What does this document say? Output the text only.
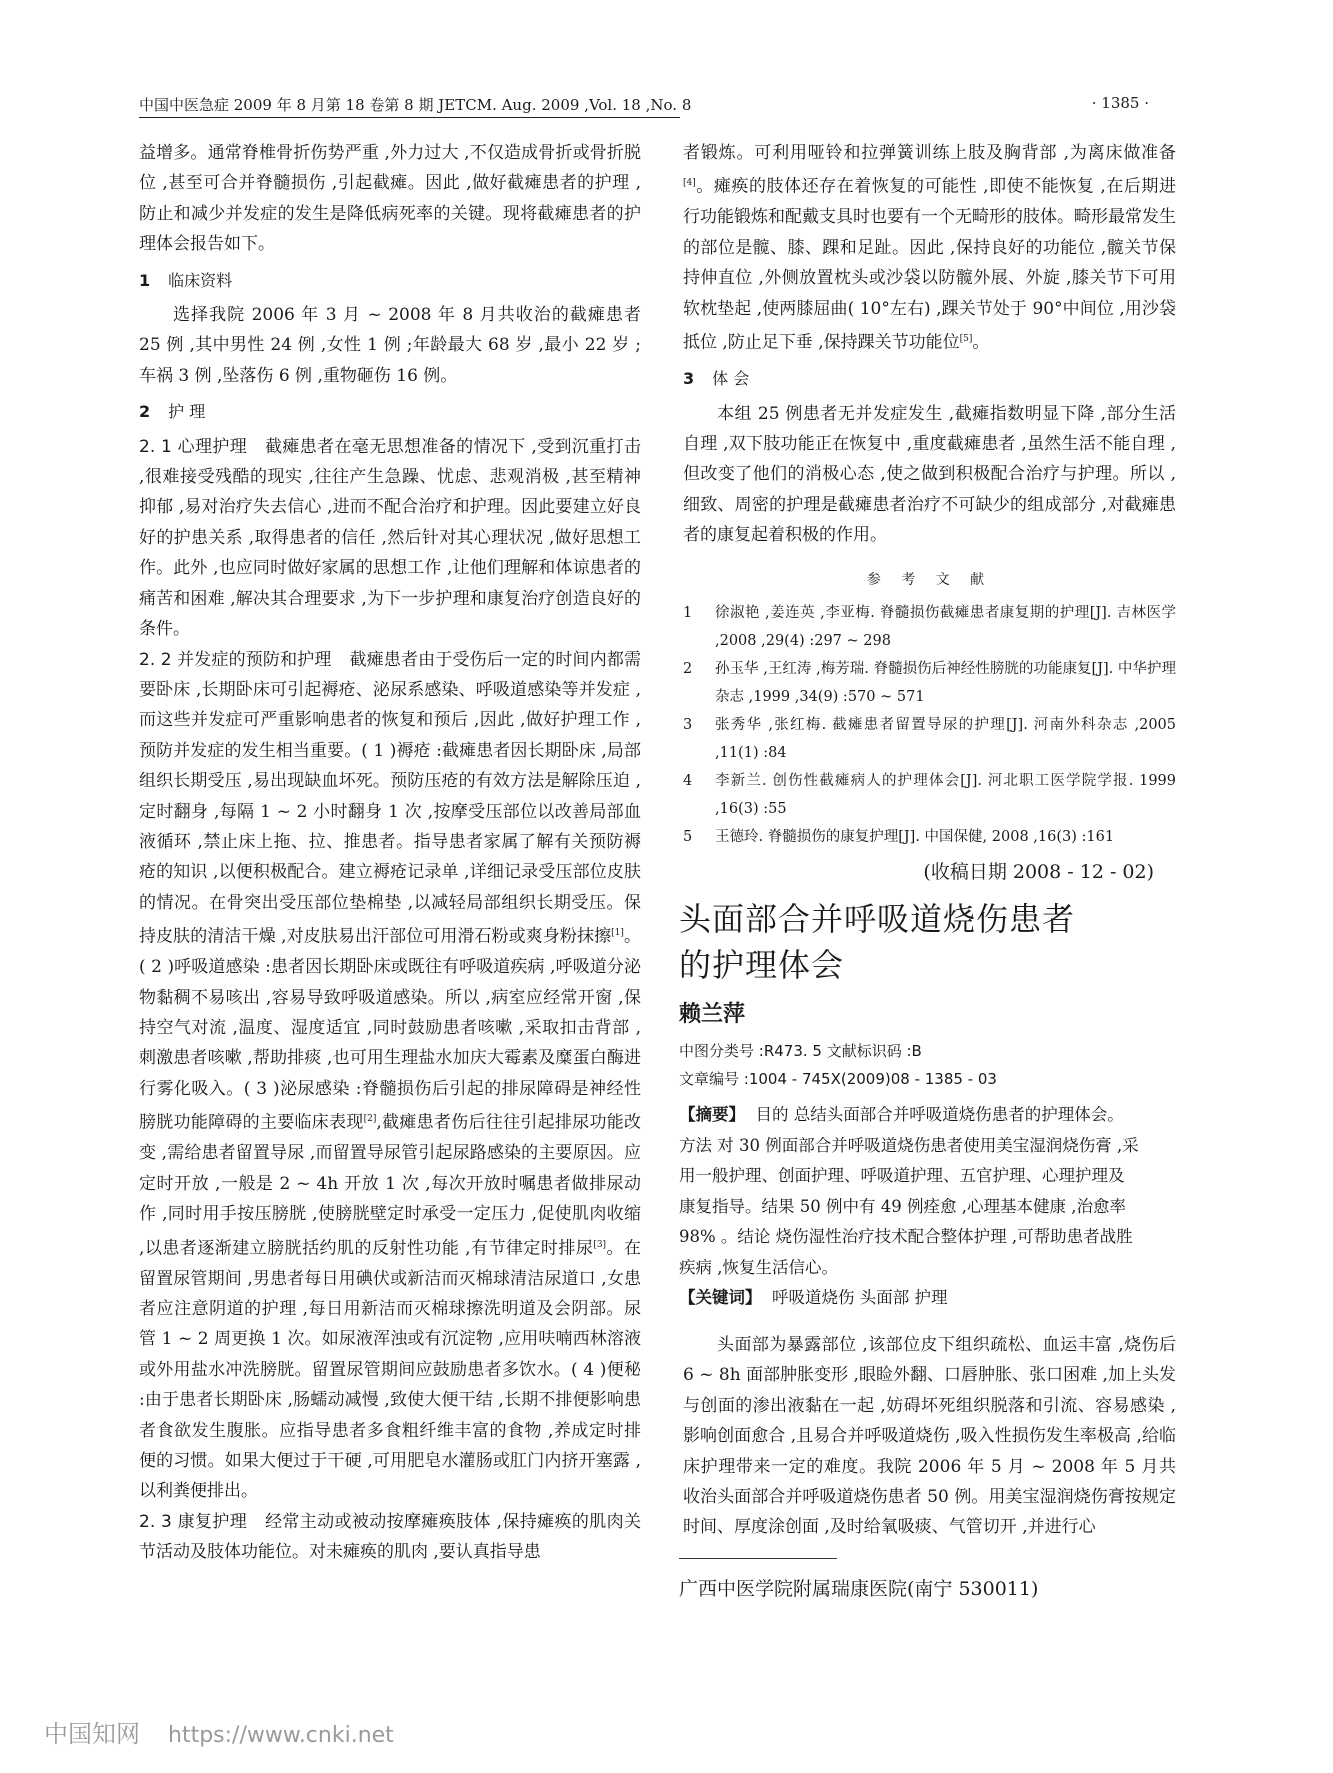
中国中医急症 2009 年 8 月第 18 卷第 8 期 JETCM. Aug. 2009 ,Vol. 18 ,No. 8	· 1385 ·

益增多。通常脊椎骨折伤势严重 ,外力过大 ,不仅造成骨折或骨折脱位 ,甚至可合并脊髓损伤 ,引起截瘫。因此 ,做好截瘫患者的护理 ,防止和减少并发症的发生是降低病死率的关键。现将截瘫患者的护理体会报告如下。

1 临床资料

选择我院 2006 年 3 月 ~ 2008 年 8 月共收治的截瘫患者 25 例 ,其中男性 24 例 ,女性 1 例 ;年龄最大 68 岁 ,最小 22 岁 ;车祸 3 例 ,坠落伤 6 例 ,重物砸伤 16 例。

2 护 理

2. 1 心理护理 截瘫患者在毫无思想准备的情况下 ,受到沉重打击 ,很难接受残酷的现实 ,往往产生急躁、忧虑、悲观消极 ,甚至精神抑郁 ,易对治疗失去信心 ,进而不配合治疗和护理。因此要建立好良好的护患关系 ,取得患者的信任 ,然后针对其心理状况 ,做好思想工作。此外 ,也应同时做好家属的思想工作 ,让他们理解和体谅患者的痛苦和困难 ,解决其合理要求 ,为下一步护理和康复治疗创造良好的条件。

2. 2 并发症的预防和护理 截瘫患者由于受伤后一定的时间内都需要卧床 ,长期卧床可引起褥疮、泌尿系感染、呼吸道感染等并发症 ,而这些并发症可严重影响患者的恢复和预后 ,因此 ,做好护理工作 ,预防并发症的发生相当重要。( 1 )褥疮 :截瘫患者因长期卧床 ,局部组织长期受压 ,易出现缺血坏死。预防压疮的有效方法是解除压迫 ,定时翻身 ,每隔 1 ~ 2 小时翻身 1 次 ,按摩受压部位以改善局部血液循环 ,禁止床上拖、拉、推患者。指导患者家属了解有关预防褥疮的知识 ,以便积极配合。建立褥疮记录单 ,详细记录受压部位皮肤的情况。在骨突出受压部位垫棉垫 ,以减轻局部组织长期受压。保持皮肤的清洁干燥 ,对皮肤易出汗部位可用滑石粉或爽身粉抹擦[1]。( 2 )呼吸道感染 :患者因长期卧床或既往有呼吸道疾病 ,呼吸道分泌物黏稠不易咳出 ,容易导致呼吸道感染。所以 ,病室应经常开窗 ,保持空气对流 ,温度、湿度适宜 ,同时鼓励患者咳嗽 ,采取扣击背部 ,刺激患者咳嗽 ,帮助排痰 ,也可用生理盐水加庆大霉素及糜蛋白酶进行雾化吸入。( 3 )泌尿感染 :脊髓损伤后引起的排尿障碍是神经性膀胱功能障碍的主要临床表现[2],截瘫患者伤后往往引起排尿功能改变 ,需给患者留置导尿 ,而留置导尿管引起尿路感染的主要原因。应定时开放 ,一般是 2 ~ 4h 开放 1 次 ,每次开放时嘱患者做排尿动作 ,同时用手按压膀胱 ,使膀胱壁定时承受一定压力 ,促使肌肉收缩 ,以患者逐渐建立膀胱括约肌的反射性功能 ,有节律定时排尿[3]。在留置尿管期间 ,男患者每日用碘伏或新洁而灭棉球清洁尿道口 ,女患者应注意阴道的护理 ,每日用新洁而灭棉球擦洗明道及会阴部。尿管 1 ~ 2 周更换 1 次。如尿液浑浊或有沉淀物 ,应用呋喃西林溶液或外用盐水冲洗膀胱。留置尿管期间应鼓励患者多饮水。( 4 )便秘 :由于患者长期卧床 ,肠蠕动减慢 ,致使大便干结 ,长期不排便影响患者食欲发生腹胀。应指导患者多食粗纤维丰富的食物 ,养成定时排便的习惯。如果大便过于干硬 ,可用肥皂水灌肠或肛门内挤开塞露 ,以利粪便排出。

2. 3 康复护理 经常主动或被动按摩瘫痪肢体 ,保持瘫痪的肌肉关节活动及肢体功能位。对未瘫痪的肌肉 ,要认真指导患

者锻炼。可利用哑铃和拉弹簧训练上肢及胸背部 ,为离床做准备[4]。瘫痪的肢体还存在着恢复的可能性 ,即使不能恢复 ,在后期进行功能锻炼和配戴支具时也要有一个无畸形的肢体。畸形最常发生的部位是髋、膝、踝和足趾。因此 ,保持良好的功能位 ,髋关节保持伸直位 ,外侧放置枕头或沙袋以防髋外展、外旋 ,膝关节下可用软枕垫起 ,使两膝屈曲( 10°左右) ,踝关节处于 90°中间位 ,用沙袋抵位 ,防止足下垂 ,保持踝关节功能位[5]。

3 体 会

本组 25 例患者无并发症发生 ,截瘫指数明显下降 ,部分生活自理 ,双下肢功能正在恢复中 ,重度截瘫患者 ,虽然生活不能自理 ,但改变了他们的消极心态 ,使之做到积极配合治疗与护理。所以 ,细致、周密的护理是截瘫患者治疗不可缺少的组成部分 ,对截瘫患者的康复起着积极的作用。

参 考 文 献
1 徐淑艳 ,姜连英 ,李亚梅. 脊髓损伤截瘫患者康复期的护理[J]. 吉林医学 ,2008 ,29(4) :297 ~ 298
2 孙玉华 ,王红涛 ,梅芳瑞. 脊髓损伤后神经性膀胱的功能康复[J]. 中华护理杂志 ,1999 ,34(9) :570 ~ 571
3 张秀华 ,张红梅. 截瘫患者留置导尿的护理[J]. 河南外科杂志 ,2005 ,11(1) :84
4 李新兰. 创伤性截瘫病人的护理体会[J]. 河北职工医学院学报. 1999 ,16(3) :55
5 王德玲. 脊髓损伤的康复护理[J]. 中国保健, 2008 ,16(3) :161
(收稿日期 2008 - 12 - 02)
头面部合并呼吸道烧伤患者
的护理体会
赖兰萍
中图分类号 :R473. 5 文献标识码 :B
文章编号 :1004 - 745X(2009)08 - 1385 - 03
【摘要】 目的 总结头面部合并呼吸道烧伤患者的护理体会。方法 对 30 例面部合并呼吸道烧伤患者使用美宝湿润烧伤膏 ,采用一般护理、创面护理、呼吸道护理、五官护理、心理护理及康复指导。结果 50 例中有 49 例痊愈 ,心理基本健康 ,治愈率 98% 。结论 烧伤湿性治疗技术配合整体护理 ,可帮助患者战胜疾病 ,恢复生活信心。
【关键词】 呼吸道烧伤 头面部 护理

头面部为暴露部位 ,该部位皮下组织疏松、血运丰富 ,烧伤后 6 ~ 8h 面部肿胀变形 ,眼睑外翻、口唇肿胀、张口困难 ,加上头发与创面的渗出液黏在一起 ,妨碍坏死组织脱落和引流、容易感染 ,影响创面愈合 ,且易合并呼吸道烧伤 ,吸入性损伤发生率极高 ,给临床护理带来一定的难度。我院 2006 年 5 月 ~ 2008 年 5 月共收治头面部合并呼吸道烧伤患者 50 例。用美宝湿润烧伤膏按规定时间、厚度涂创面 ,及时给氧吸痰、气管切开 ,并进行心

广西中医学院附属瑞康医院(南宁 530011)
中国知网 https://www.cnki.net
